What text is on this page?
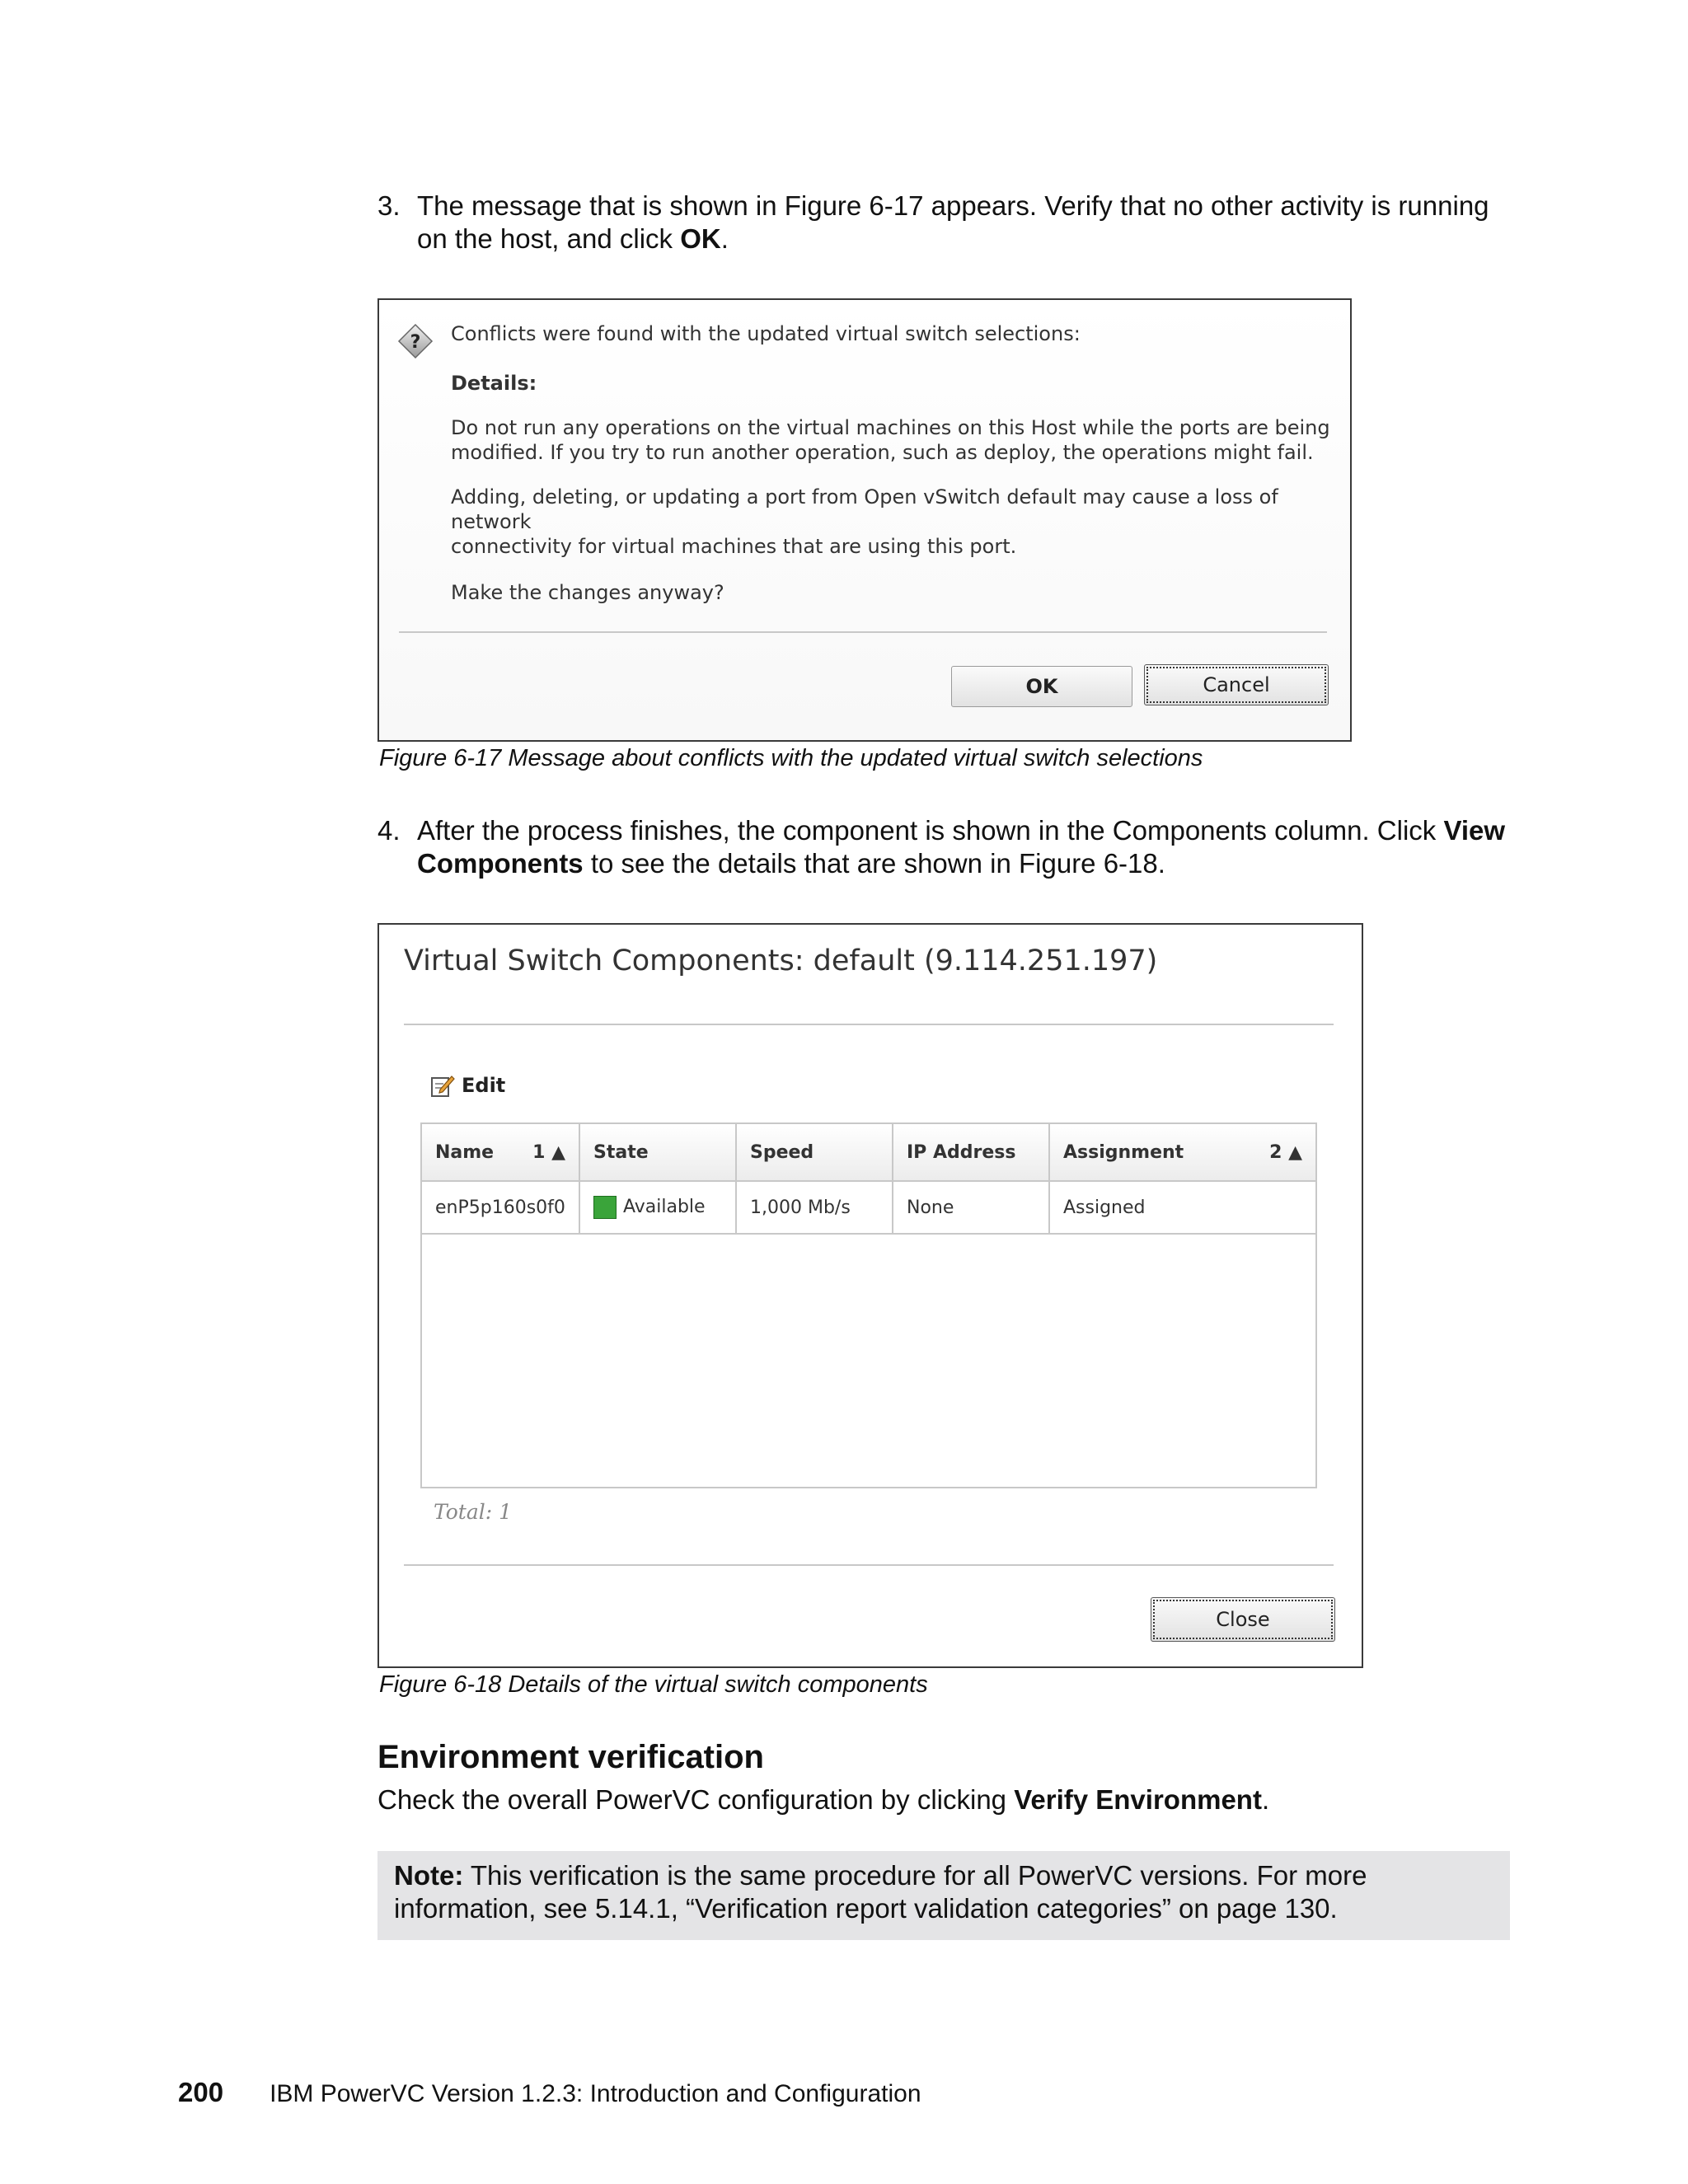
3. The message that is shown in Figure 6-17 appears. Verify that no other activity is running on the host, and click OK.
? Conflicts were found with the updated virtual switch selections:
Details:
Do not run any operations on the virtual machines on this Host while the ports are being
modified. If you try to run another operation, such as deploy, the operations might fail.
Adding, deleting, or updating a port from Open vSwitch default may cause a loss of network
connectivity for virtual machines that are using this port.
Make the changes anyway?
OK	Cancel
Figure 6-17 Message about conflicts with the updated virtual switch selections
4. After the process finishes, the component is shown in the Components column. Click View Components to see the details that are shown in Figure 6-18.
Virtual Switch Components: default (9.114.251.197)
Edit
Name 1 ▲	State	Speed	IP Address	Assignment 2 ▲

enP5p160s0f0	Available	1,000 Mb/s	None	Assigned
Total: 1
Close
Figure 6-18 Details of the virtual switch components
Environment verification
Check the overall PowerVC configuration by clicking Verify Environment.
Note: This verification is the same procedure for all PowerVC versions. For more information, see 5.14.1, “Verification report validation categories” on page 130.
200 IBM PowerVC Version 1.2.3: Introduction and Configuration
